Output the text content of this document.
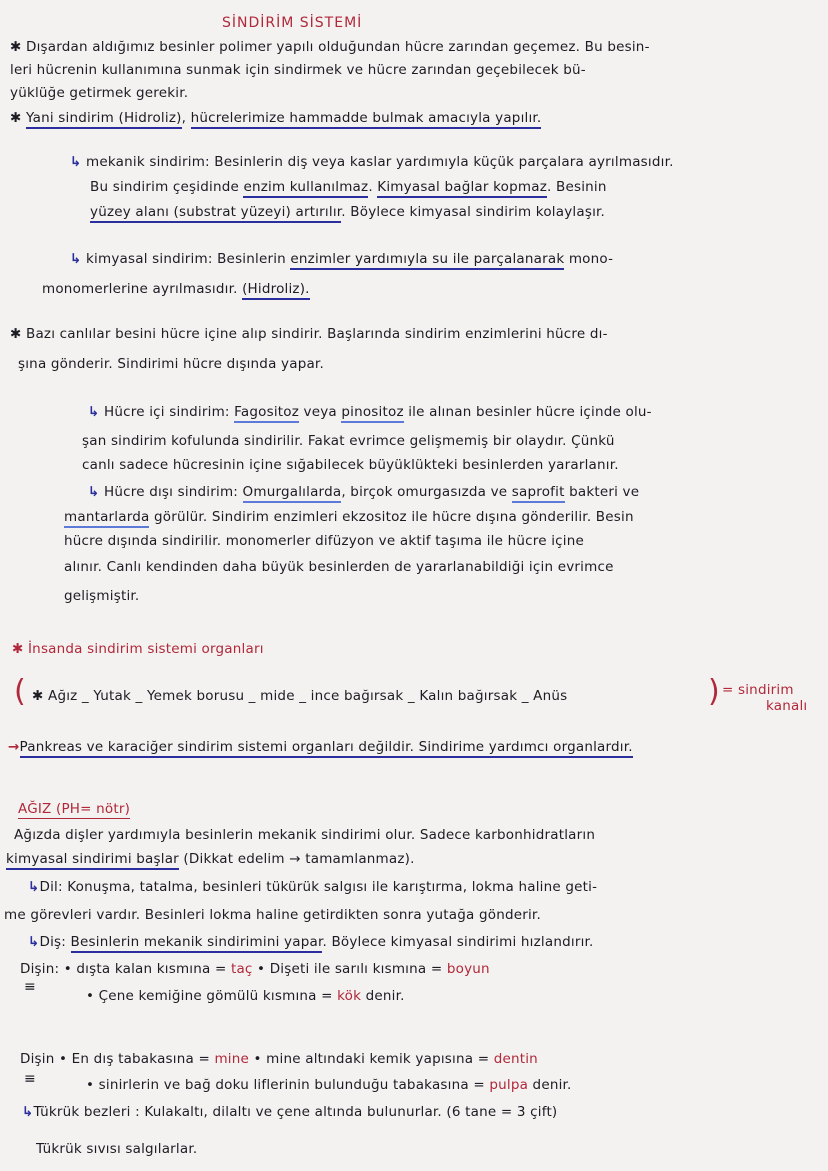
SİNDİRİM SİSTEMİ
✱ Dışardan aldığımız besinler polimer yapılı olduğundan hücre zarından geçemez. Bu besin-
leri hücrenin kullanımına sunmak için sindirmek ve hücre zarından geçebilecek bü-
yüklüğe getirmek gerekir.
✱ Yani sindirim (Hidroliz), hücrelerimize hammadde bulmak amacıyla yapılır.
↳ mekanik sindirim: Besinlerin diş veya kaslar yardımıyla küçük parçalara ayrılmasıdır.
Bu sindirim çeşidinde enzim kullanılmaz. Kimyasal bağlar kopmaz. Besinin
yüzey alanı (substrat yüzeyi) artırılır. Böylece kimyasal sindirim kolaylaşır.
↳ kimyasal sindirim: Besinlerin enzimler yardımıyla su ile parçalanarak mono-
monomerlerine ayrılmasıdır. (Hidroliz).
✱ Bazı canlılar besini hücre içine alıp sindirir. Başlarında sindirim enzimlerini hücre dı-
şına gönderir. Sindirimi hücre dışında yapar.
↳ Hücre içi sindirim: Fagositoz veya pinositoz ile alınan besinler hücre içinde olu-
şan sindirim kofulunda sindirilir. Fakat evrimce gelişmemiş bir olaydır. Çünkü
canlı sadece hücresinin içine sığabilecek büyüklükteki besinlerden yararlanır.
↳ Hücre dışı sindirim: Omurgalılarda, birçok omurgasızda ve saprofit bakteri ve
mantarlarda görülür. Sindirim enzimleri ekzositoz ile hücre dışına gönderilir. Besin
hücre dışında sindirilir. monomerler difüzyon ve aktif taşıma ile hücre içine
alınır. Canlı kendinden daha büyük besinlerden de yararlanabildiği için evrimce
gelişmiştir.
✱ İnsanda sindirim sistemi organları
( ✱ Ağız _ Yutak _ Yemek borusu _ mide _ ince bağırsak _ Kalın bağırsak _ Anüs	) = sindirim
kanalı
→Pankreas ve karaciğer sindirim sistemi organları değildir. Sindirime yardımcı organlardır.
AĞIZ (PH= nötr)
Ağızda dişler yardımıyla besinlerin mekanik sindirimi olur. Sadece karbonhidratların
kimyasal sindirimi başlar (Dikkat edelim → tamamlanmaz).
↳Dil: Konuşma, tatalma, besinleri tükürük salgısı ile karıştırma, lokma haline geti-
me görevleri vardır. Besinleri lokma haline getirdikten sonra yutağa gönderir.
↳Diş: Besinlerin mekanik sindirimini yapar. Böylece kimyasal sindirimi hızlandırır.
Dişin: • dışta kalan kısmına = taç • Dişeti ile sarılı kısmına = boyun
≡
• Çene kemiğine gömülü kısmına = kök denir.
Dişin • En dış tabakasına = mine • mine altındaki kemik yapısına = dentin
≡	• sinirlerin ve bağ doku liflerinin bulunduğu tabakasına = pulpa denir.
↳Tükrük bezleri : Kulakaltı, dilaltı ve çene altında bulunurlar. (6 tane = 3 çift)
Tükrük sıvısı salgılarlar.
